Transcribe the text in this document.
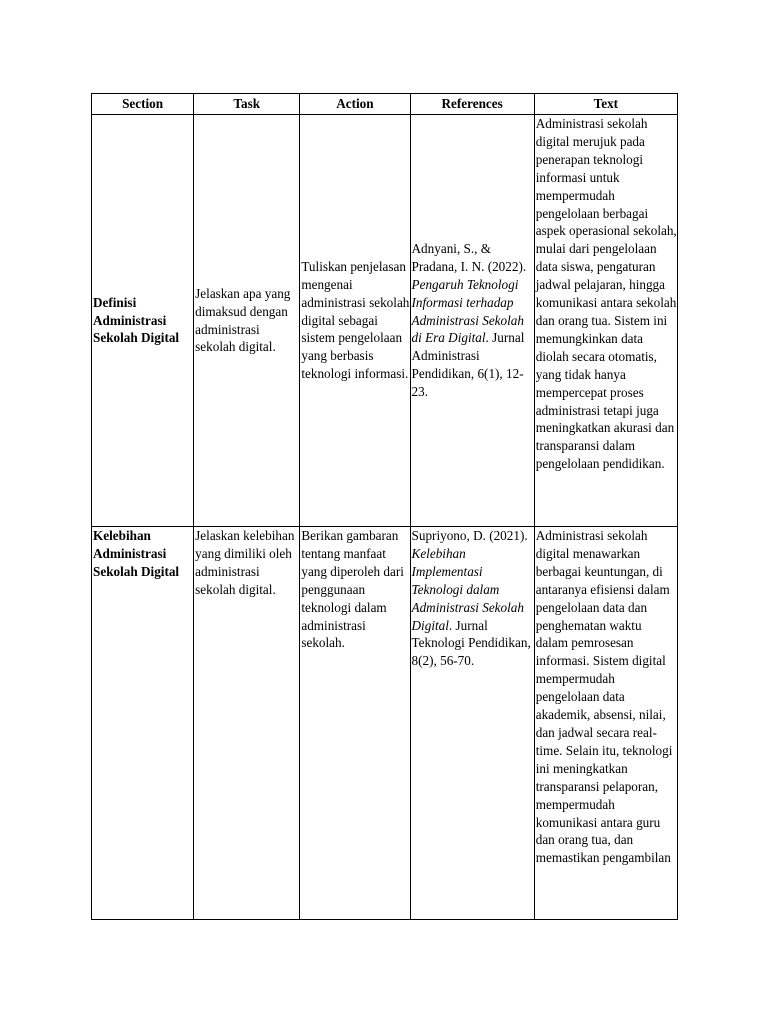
Section	Task	Action	References	Text
Definisi Administrasi Sekolah Digital	Jelaskan apa yang dimaksud dengan administrasi sekolah digital.	Tuliskan penjelasan mengenai administrasi sekolah digital sebagai sistem pengelolaan yang berbasis teknologi informasi.	Adnyani, S., & Pradana, I. N. (2022). Pengaruh Teknologi Informasi terhadap Administrasi Sekolah di Era Digital. Jurnal Administrasi Pendidikan, 6(1), 12-23.	Administrasi sekolah digital merujuk pada penerapan teknologi informasi untuk mempermudah pengelolaan berbagai aspek operasional sekolah, mulai dari pengelolaan data siswa, pengaturan jadwal pelajaran, hingga komunikasi antara sekolah dan orang tua. Sistem ini memungkinkan data diolah secara otomatis, yang tidak hanya mempercepat proses administrasi tetapi juga meningkatkan akurasi dan transparansi dalam pengelolaan pendidikan.
Kelebihan Administrasi Sekolah Digital	Jelaskan kelebihan yang dimiliki oleh administrasi sekolah digital.	Berikan gambaran tentang manfaat yang diperoleh dari penggunaan teknologi dalam administrasi sekolah.	Supriyono, D. (2021). Kelebihan Implementasi Teknologi dalam Administrasi Sekolah Digital. Jurnal Teknologi Pendidikan, 8(2), 56-70.	Administrasi sekolah digital menawarkan berbagai keuntungan, di antaranya efisiensi dalam pengelolaan data dan penghematan waktu dalam pemrosesan informasi. Sistem digital mempermudah pengelolaan data akademik, absensi, nilai, dan jadwal secara real-time. Selain itu, teknologi ini meningkatkan transparansi pelaporan, mempermudah komunikasi antara guru dan orang tua, dan memastikan pengambilan
